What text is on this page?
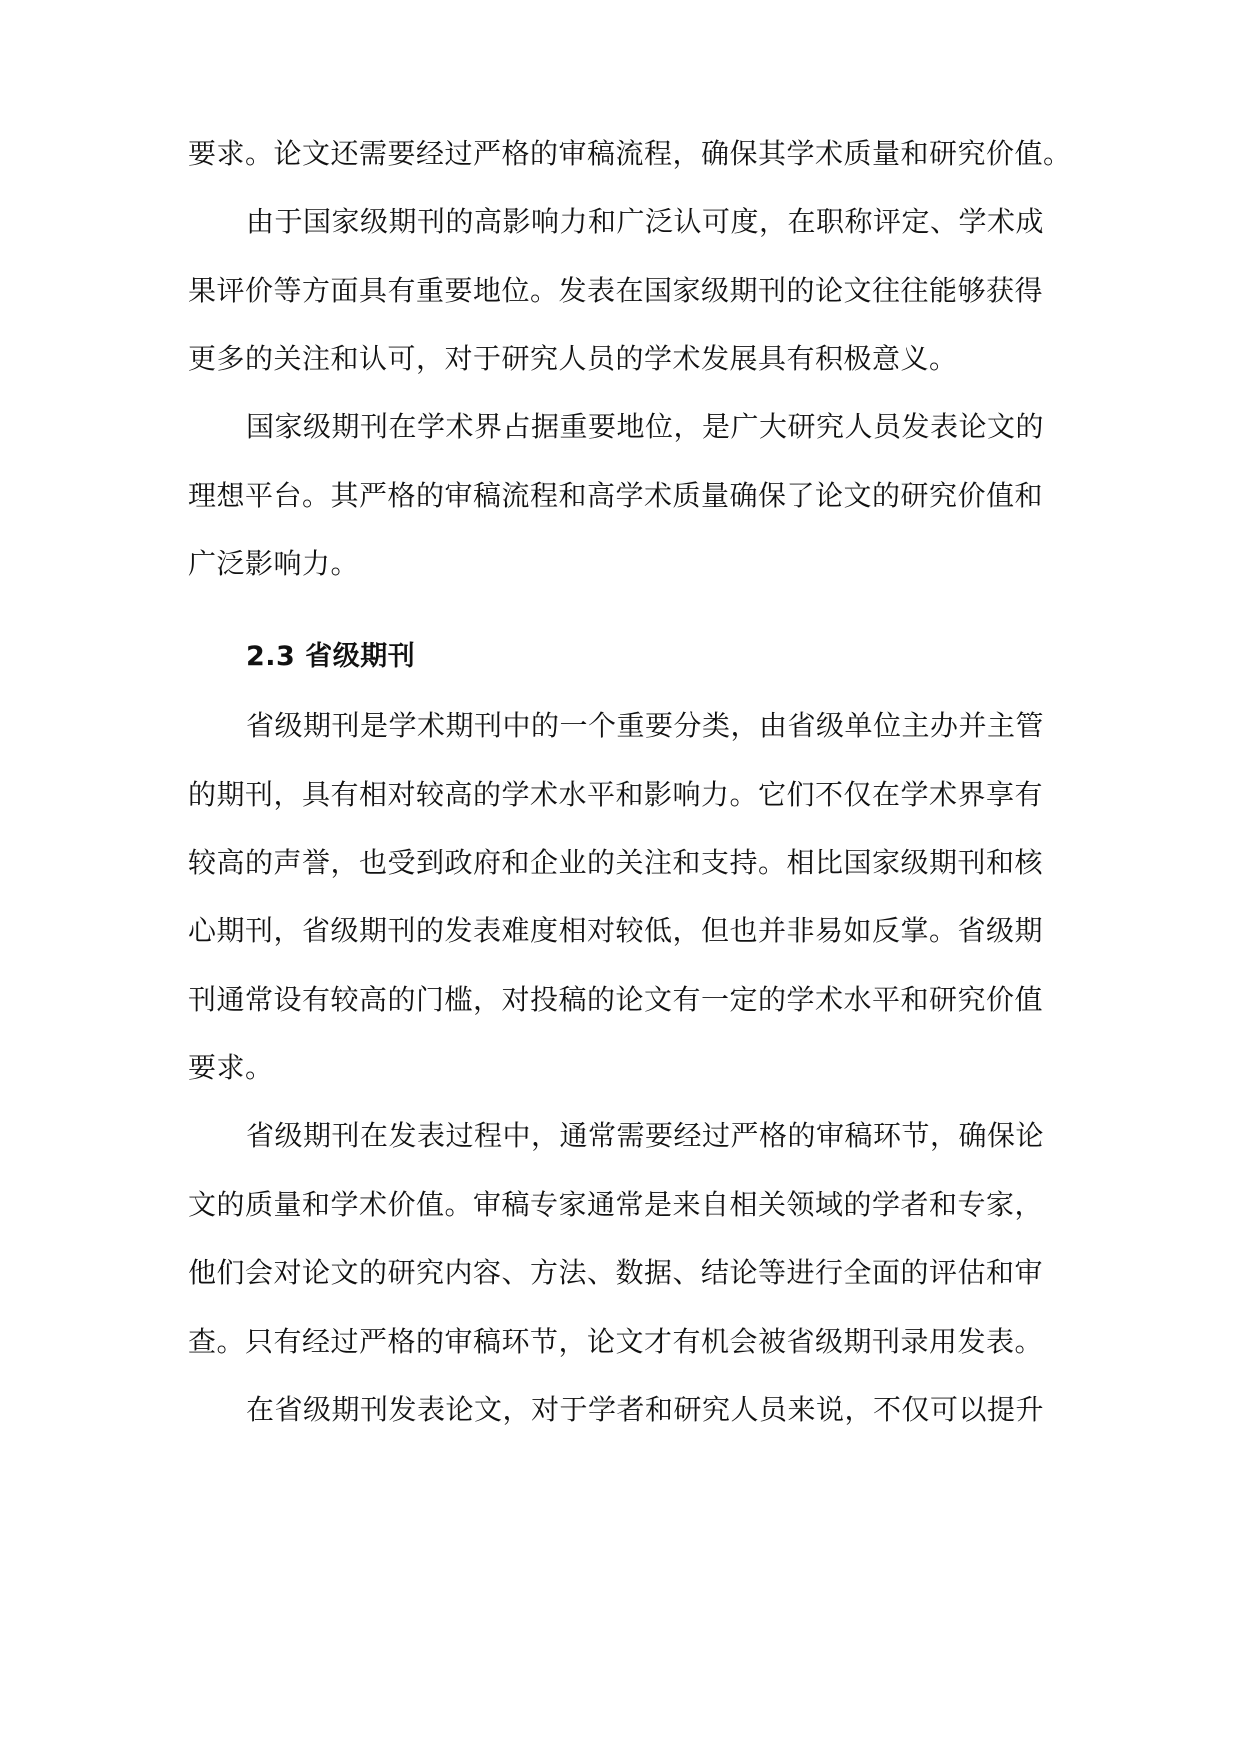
要求。论文还需要经过严格的审稿流程，确保其学术质量和研究价值。
由于国家级期刊的高影响力和广泛认可度，在职称评定、学术成
果评价等方面具有重要地位。发表在国家级期刊的论文往往能够获得
更多的关注和认可，对于研究人员的学术发展具有积极意义。
国家级期刊在学术界占据重要地位，是广大研究人员发表论文的
理想平台。其严格的审稿流程和高学术质量确保了论文的研究价值和
广泛影响力。
2.3 省级期刊
省级期刊是学术期刊中的一个重要分类，由省级单位主办并主管
的期刊，具有相对较高的学术水平和影响力。它们不仅在学术界享有
较高的声誉，也受到政府和企业的关注和支持。相比国家级期刊和核
心期刊，省级期刊的发表难度相对较低，但也并非易如反掌。省级期
刊通常设有较高的门槛，对投稿的论文有一定的学术水平和研究价值
要求。
省级期刊在发表过程中，通常需要经过严格的审稿环节，确保论
文的质量和学术价值。审稿专家通常是来自相关领域的学者和专家，
他们会对论文的研究内容、方法、数据、结论等进行全面的评估和审
查。只有经过严格的审稿环节，论文才有机会被省级期刊录用发表。
在省级期刊发表论文，对于学者和研究人员来说，不仅可以提升
